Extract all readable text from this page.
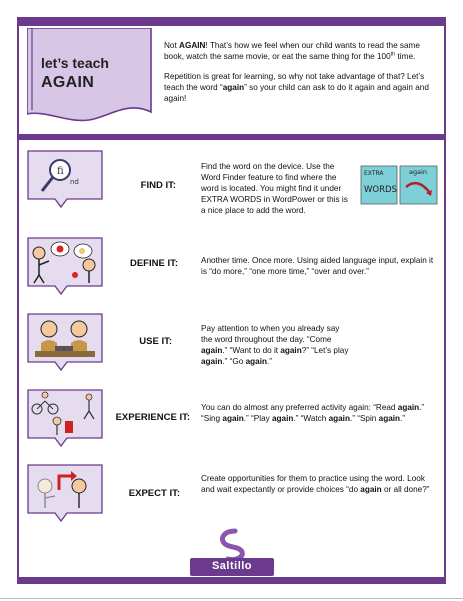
let’s teach
AGAIN

Not AGAIN! That’s how we feel when our child wants to read the same book, watch the same movie, or eat the same thing for the 100th time.

Repetition is great for learning, so why not take advantage of that? Let’s teach the word “again” so your child can ask to do it again and again and again!

fi
nd	FIND IT:
Find the word on the device. Use the Word Finder feature to find where the word is located. You might find it under EXTRA WORDS in WordPower or this is a nice place to add the word.
EXTRA
WORDS
again
DEFINE IT:	Another time. Once more. Using aided language input, explain it is “do more,” “one more time,” “over and over.”
USE IT:
Pay attention to when you already say the word throughout the day. “Come again.” “Want to do it again?” “Let’s play again.” “Go again.”
EXPERIENCE IT:
You can do almost any preferred activity again: “Read again.” “Sing again.” “Play again.” “Watch again.” “Spin again.”
EXPECT IT:
Create opportunities for them to practice using the word. Look and wait expectantly or provide choices “do again or all done?”
Saltillo
